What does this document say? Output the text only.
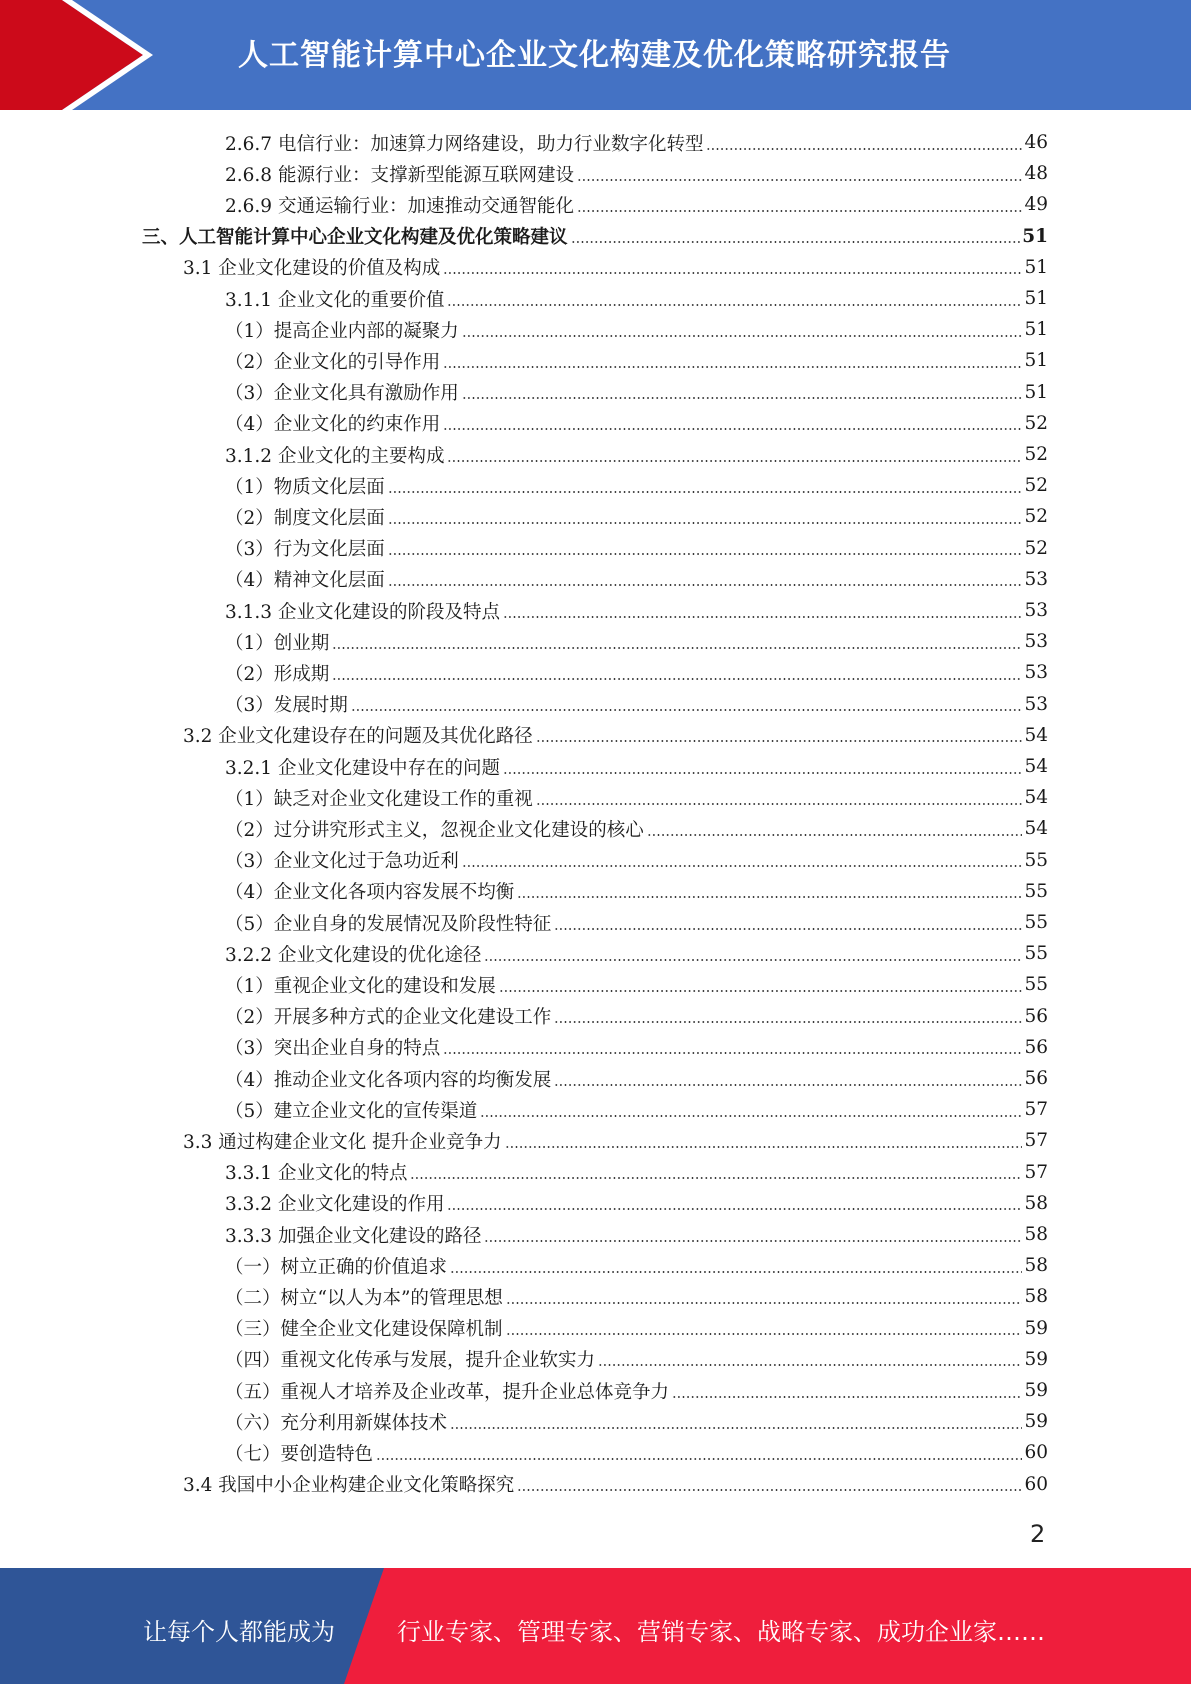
人工智能计算中心企业文化构建及优化策略研究报告
2.6.7 电信行业：加速算力网络建设，助力行业数字化转型	46
2.6.8 能源行业：支撑新型能源互联网建设	48
2.6.9 交通运输行业：加速推动交通智能化	49
三、人工智能计算中心企业文化构建及优化策略建议	51
3.1 企业文化建设的价值及构成	51
3.1.1 企业文化的重要价值	51
（1）提高企业内部的凝聚力	51
（2）企业文化的引导作用	51
（3）企业文化具有激励作用	51
（4）企业文化的约束作用	52
3.1.2 企业文化的主要构成	52
（1）物质文化层面	52
（2）制度文化层面	52
（3）行为文化层面	52
（4）精神文化层面	53
3.1.3 企业文化建设的阶段及特点	53
（1）创业期	53
（2）形成期	53
（3）发展时期	53
3.2 企业文化建设存在的问题及其优化路径	54
3.2.1 企业文化建设中存在的问题	54
（1）缺乏对企业文化建设工作的重视	54
（2）过分讲究形式主义，忽视企业文化建设的核心	54
（3）企业文化过于急功近利	55
（4）企业文化各项内容发展不均衡	55
（5）企业自身的发展情况及阶段性特征	55
3.2.2 企业文化建设的优化途径	55
（1）重视企业文化的建设和发展	55
（2）开展多种方式的企业文化建设工作	56
（3）突出企业自身的特点	56
（4）推动企业文化各项内容的均衡发展	56
（5）建立企业文化的宣传渠道	57
3.3 通过构建企业文化 提升企业竞争力	57
3.3.1 企业文化的特点	57
3.3.2 企业文化建设的作用	58
3.3.3 加强企业文化建设的路径	58
（一）树立正确的价值追求	58
（二）树立“以人为本”的管理思想	58
（三）健全企业文化建设保障机制	59
（四）重视文化传承与发展，提升企业软实力	59
（五）重视人才培养及企业改革，提升企业总体竞争力	59
（六）充分利用新媒体技术	59
（七）要创造特色	60
3.4 我国中小企业构建企业文化策略探究	60
2
让每个人都能成为	行业专家、管理专家、营销专家、战略专家、成功企业家……
